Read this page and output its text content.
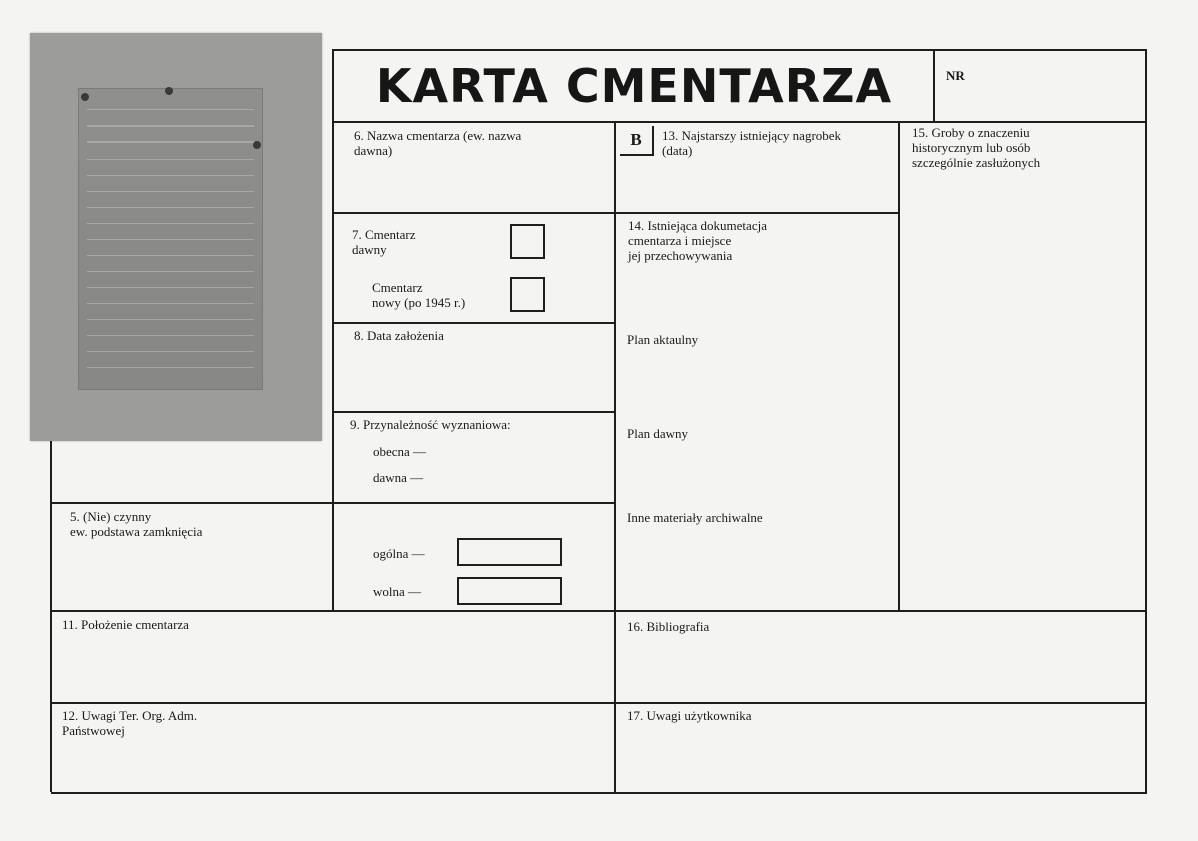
KARTA CMENTARZA	NR
B
6. Nazwa cmentarza (ew. nazwa
dawna)
7. Cmentarz
dawny
Cmentarz
nowy (po 1945 r.)
8. Data założenia
9. Przynależność wyznaniowa:
obecna —
dawna —
5. (Nie) czynny
ew. podstawa zamknięcia
ogólna —
wolna —
13. Najstarszy istniejący nagrobek
(data)
14. Istniejąca dokumetacja
cmentarza i miejsce
jej przechowywania
Plan aktaulny
Plan dawny
Inne materiały archiwalne
15. Groby o znaczeniu
historycznym lub osób
szczególnie zasłużonych
11. Położenie cmentarza	16. Bibliografia
12. Uwagi Ter. Org. Adm.
Państwowej
17. Uwagi użytkownika
